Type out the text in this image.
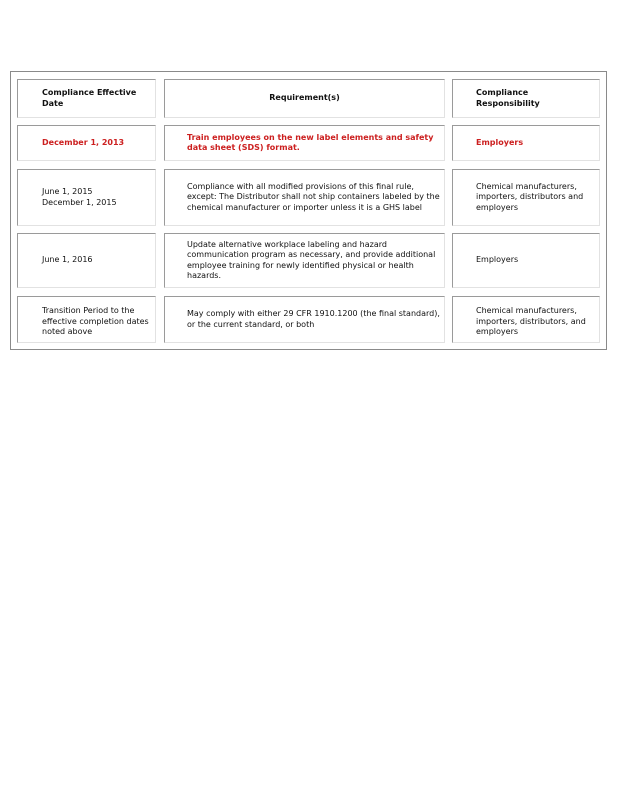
Compliance Effective Date
Requirement(s)
Compliance Responsibility
December 1, 2013
Train employees on the new label elements and safety data sheet (SDS) format.
Employers
June 1, 2015
December 1, 2015
Compliance with all modified provisions of this final rule, except: The Distributor shall not ship containers labeled by the chemical manufacturer or importer unless it is a GHS label
Chemical manufacturers, importers, distributors and employers
June 1, 2016
Update alternative workplace labeling and hazard communication program as necessary, and provide additional employee training for newly identified physical or health hazards.
Employers
Transition Period to the effective completion dates noted above
May comply with either 29 CFR 1910.1200 (the final standard), or the current standard, or both
Chemical manufacturers, importers, distributors, and employers
